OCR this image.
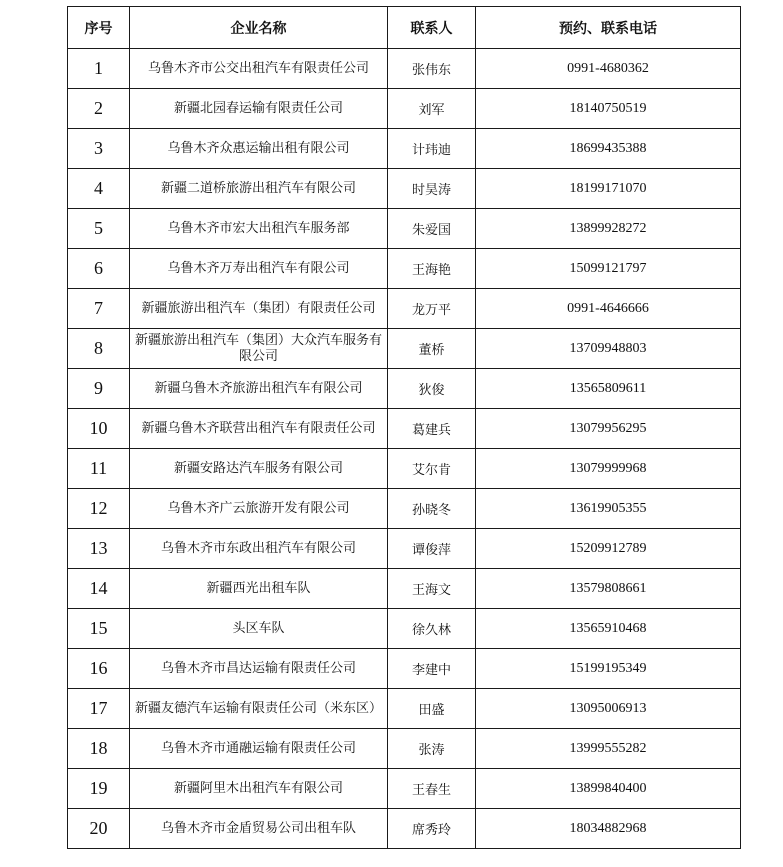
序号	企业名称	联系人	预约、联系电话
1	乌鲁木齐市公交出租汽车有限责任公司	张伟东	0991-4680362
2	新疆北园春运输有限责任公司	刘军	18140750519
3	乌鲁木齐众惠运输出租有限公司	计玮迪	18699435388
4	新疆二道桥旅游出租汽车有限公司	时昊涛	18199171070
5	乌鲁木齐市宏大出租汽车服务部	朱爱国	13899928272
6	乌鲁木齐万寿出租汽车有限公司	王海艳	15099121797
7	新疆旅游出租汽车（集团）有限责任公司	龙万平	0991-4646666
8	新疆旅游出租汽车（集团）大众汽车服务有限公司	董桥	13709948803
9	新疆乌鲁木齐旅游出租汽车有限公司	狄俊	13565809611
10	新疆乌鲁木齐联营出租汽车有限责任公司	葛建兵	13079956295
11	新疆安路达汽车服务有限公司	艾尔肯	13079999968
12	乌鲁木齐广云旅游开发有限公司	孙晓冬	13619905355
13	乌鲁木齐市东政出租汽车有限公司	谭俊萍	15209912789
14	新疆西光出租车队	王海文	13579808661
15	头区车队	徐久林	13565910468
16	乌鲁木齐市昌达运输有限责任公司	李建中	15199195349
17	新疆友德汽车运输有限责任公司（米东区）	田盛	13095006913
18	乌鲁木齐市通融运输有限责任公司	张涛	13999555282
19	新疆阿里木出租汽车有限公司	王春生	13899840400
20	乌鲁木齐市金盾贸易公司出租车队	席秀玲	18034882968
